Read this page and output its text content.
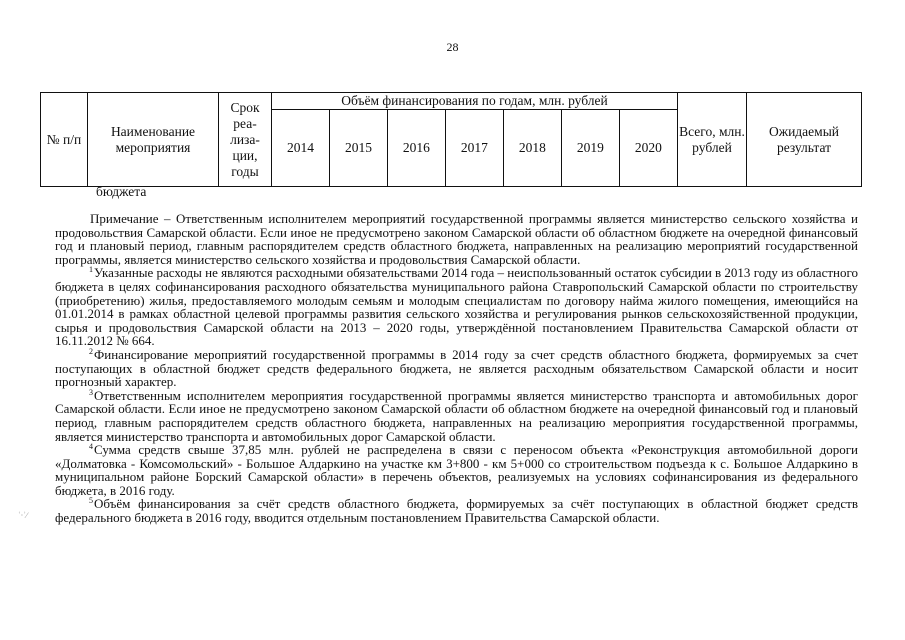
28
№ п/п	Наименование мероприятия	Срок реа-лиза-ции, годы	Объём финансирования по годам, млн. рублей							Всего, млн. рублей	Ожидаемый результат
			2014	2015	2016	2017	2018	2019	2020		
бюджета

Примечание – Ответственным исполнителем мероприятий государственной программы является министерство сельского хозяйства и продовольствия Самарской области. Если иное не предусмотрено законом Самарской области об областном бюджете на очередной финансовый год и плановый период, главным распорядителем средств областного бюджета, направленных на реализацию мероприятий государственной программы, является министерство сельского хозяйства и продовольствия Самарской области.

$^1$Указанные расходы не являются расходными обязательствами 2014 года – неиспользованный остаток субсидии в 2013 году из областного бюджета в целях софинансирования расходного обязательства муниципального района Ставропольский Самарской области по строительству (приобретению) жилья, предоставляемого молодым семьям и молодым специалистам по договору найма жилого помещения, имеющийся на 01.01.2014 в рамках областной целевой программы развития сельского хозяйства и регулирования рынков сельскохозяйственной продукции, сырья и продовольствия Самарской области на 2013 – 2020 годы, утверждённой постановлением Правительства Самарской области от 16.11.2012 № 664.

$^2$Финансирование мероприятий государственной программы в 2014 году за счет средств областного бюджета, формируемых за счет поступающих в областной бюджет средств федерального бюджета, не является расходным обязательством Самарской области и носит прогнозный характер.

$^3$Ответственным исполнителем мероприятия государственной программы является министерство транспорта и автомобильных дорог Самарской области. Если иное не предусмотрено законом Самарской области об областном бюджете на очередной финансовый год и плановый период, главным распорядителем средств областного бюджета, направленных на реализацию мероприятия государственной программы, является министерство транспорта и автомобильных дорог Самарской области.

$^4$Сумма средств свыше 37,85 млн. рублей не распределена в связи с переносом объекта «Реконструкция автомобильной дороги «Долматовка - Комсомольский» - Большое Алдаркино на участке км 3+800 - км 5+000 со строительством подъезда к с. Большое Алдаркино в муниципальном районе Борский Самарской области» в перечень объектов, реализуемых на условиях софинансирования из федерального бюджета, в 2016 году.

$^5$Объём финансирования за счёт средств областного бюджета, формируемых за счёт поступающих в областной бюджет средств федерального бюджета в 2016 году, вводится отдельным постановлением Правительства Самарской области.

ʿ·ʾ⁄
